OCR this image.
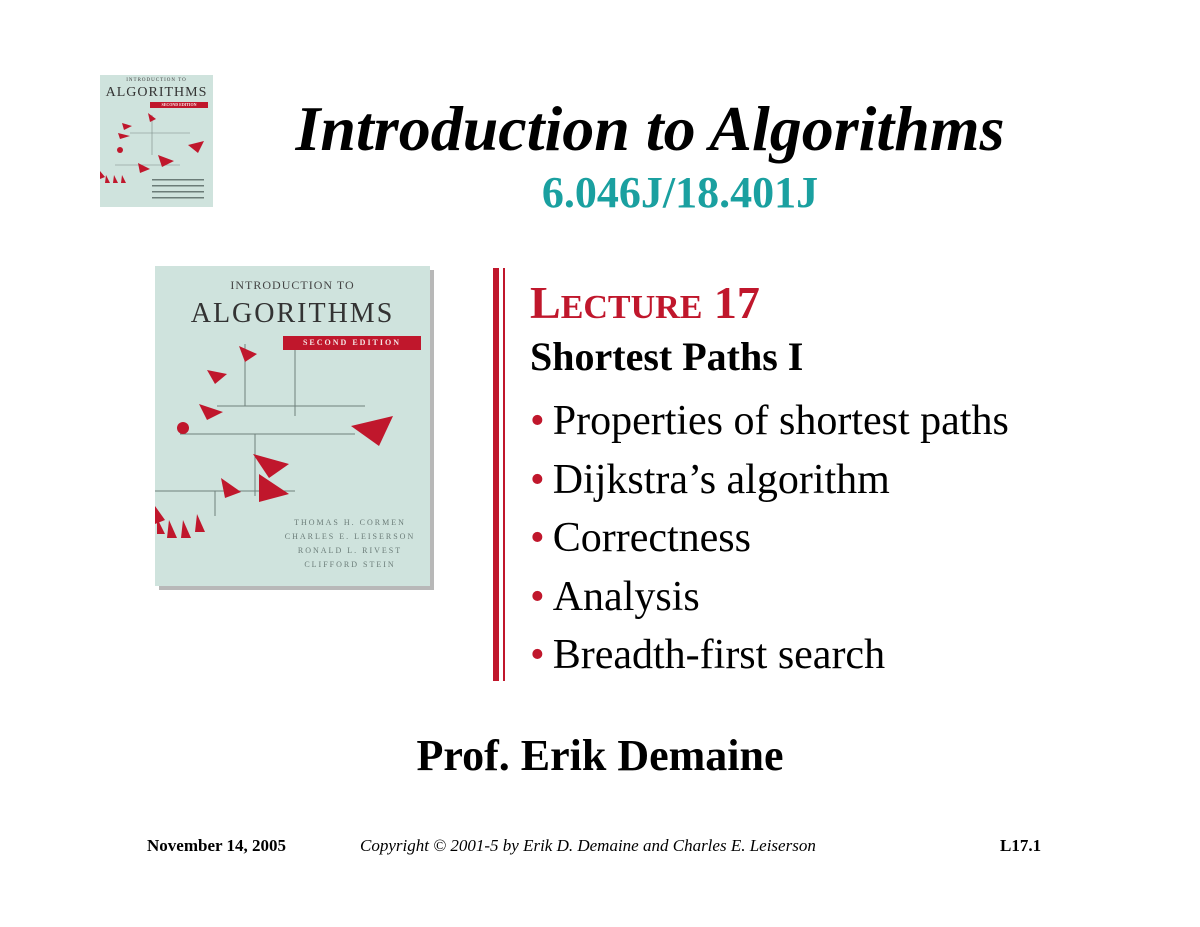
INTRODUCTION TO
ALGORITHMS
SECOND EDITION	Introduction to Algorithms
6.046J/18.401J
INTRODUCTION TO
ALGORITHMS
SECOND EDITION
THOMAS H. CORMEN
CHARLES E. LEISERSON
RONALD L. RIVEST
CLIFFORD STEIN
LECTURE 17
Shortest Paths I
• Properties of shortest paths
• Dijkstra’s algorithm
• Correctness
• Analysis
• Breadth-first search
Prof. Erik Demaine
November 14, 2005	Copyright © 2001-5 by Erik D. Demaine and Charles E. Leiserson	L17.1
